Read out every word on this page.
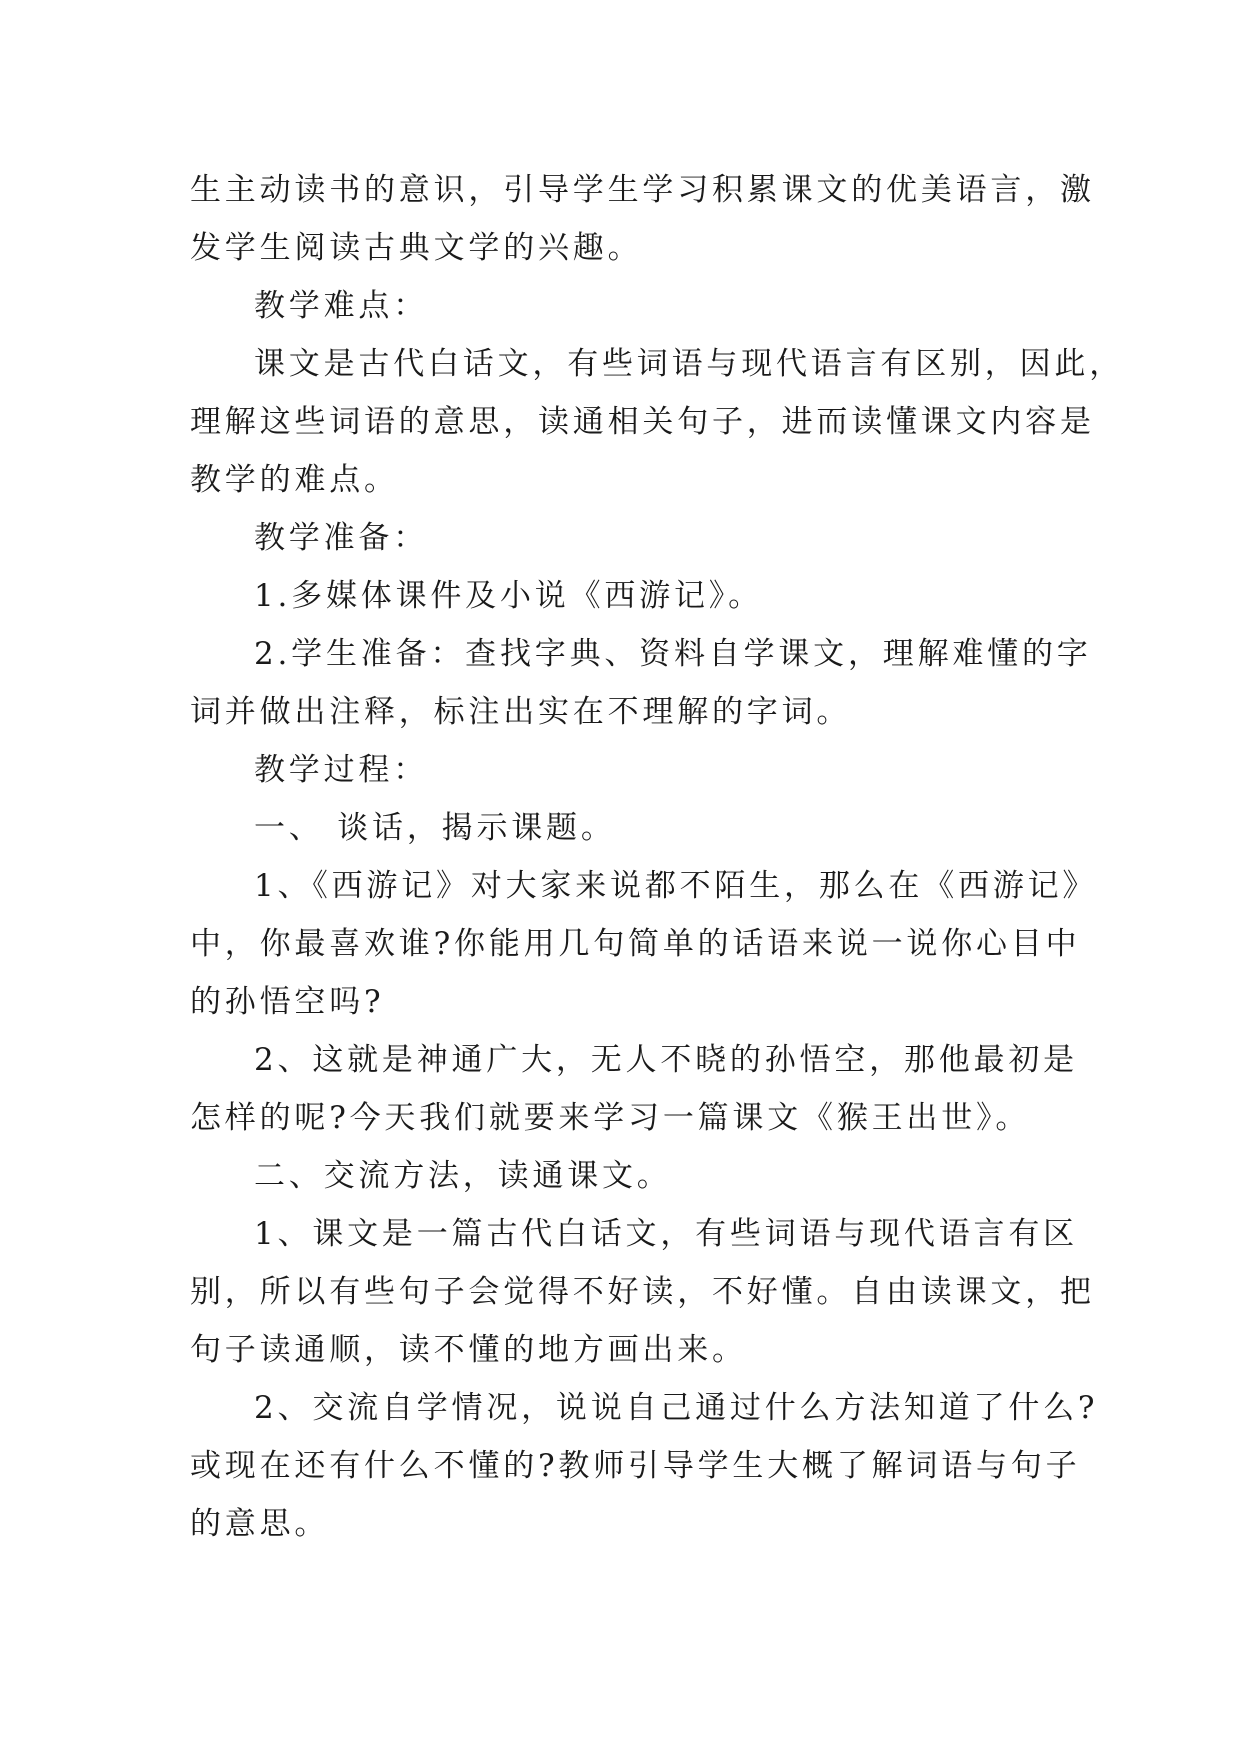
生主动读书的意识，引导学生学习积累课文的优美语言，激
发学生阅读古典文学的兴趣。
教学难点：
课文是古代白话文，有些词语与现代语言有区别，因此，
理解这些词语的意思，读通相关句子，进而读懂课文内容是
教学的难点。
教学准备：
1.多媒体课件及小说《西游记》。
2.学生准备：查找字典、资料自学课文，理解难懂的字
词并做出注释，标注出实在不理解的字词。
教学过程：
一、 谈话，揭示课题。
1、《西游记》对大家来说都不陌生，那么在《西游记》
中，你最喜欢谁?你能用几句简单的话语来说一说你心目中
的孙悟空吗?
2、这就是神通广大，无人不晓的孙悟空，那他最初是
怎样的呢?今天我们就要来学习一篇课文《猴王出世》。
二、交流方法，读通课文。
1、课文是一篇古代白话文，有些词语与现代语言有区
别，所以有些句子会觉得不好读，不好懂。自由读课文，把
句子读通顺，读不懂的地方画出来。
2、交流自学情况，说说自己通过什么方法知道了什么?
或现在还有什么不懂的?教师引导学生大概了解词语与句子
的意思。
